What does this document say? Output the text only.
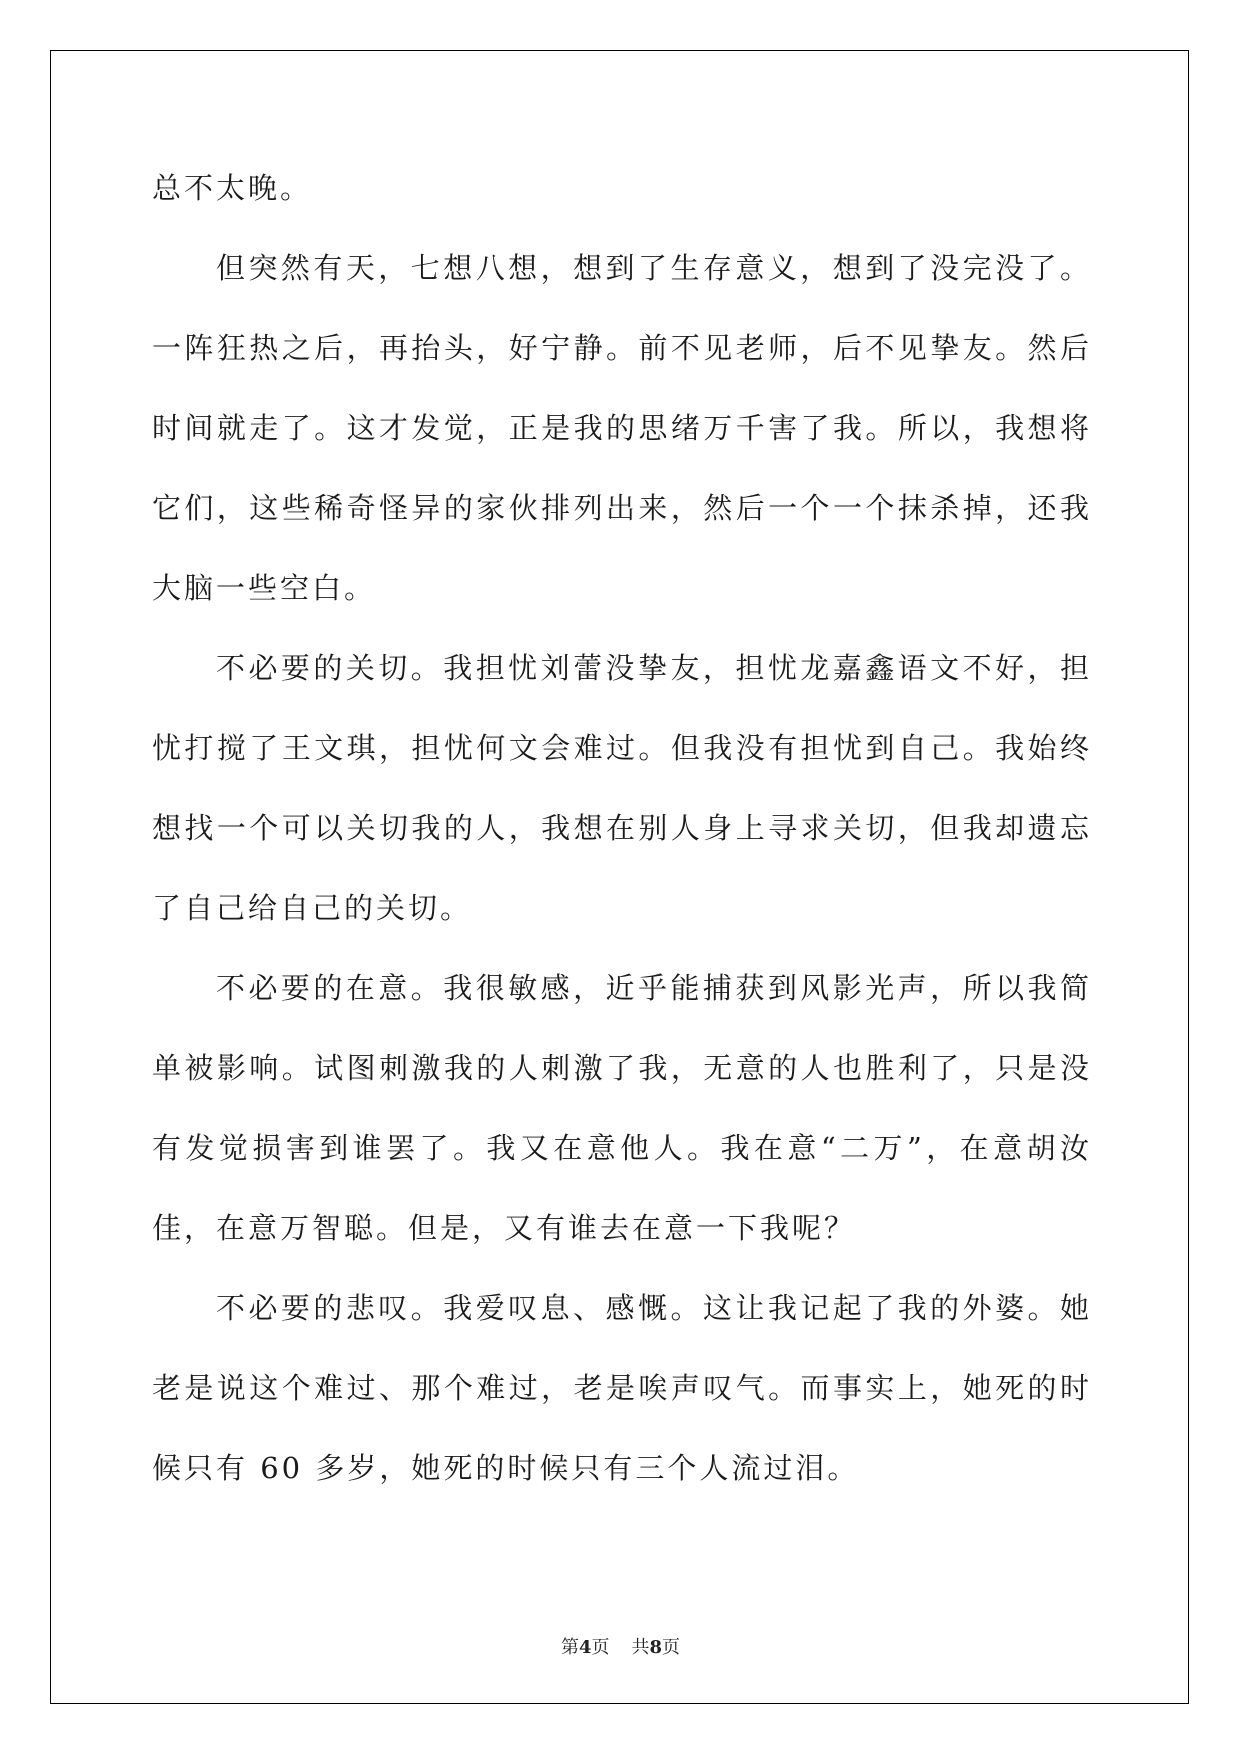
总不太晚。

但突然有天，七想八想，想到了生存意义，想到了没完没了。一阵狂热之后，再抬头，好宁静。前不见老师，后不见挚友。然后时间就走了。这才发觉，正是我的思绪万千害了我。所以，我想将它们，这些稀奇怪异的家伙排列出来，然后一个一个抹杀掉，还我大脑一些空白。

不必要的关切。我担忧刘蕾没挚友，担忧龙嘉鑫语文不好，担忧打搅了王文琪，担忧何文会难过。但我没有担忧到自己。我始终想找一个可以关切我的人，我想在别人身上寻求关切，但我却遗忘了自己给自己的关切。

不必要的在意。我很敏感，近乎能捕获到风影光声，所以我简单被影响。试图刺激我的人刺激了我，无意的人也胜利了，只是没有发觉损害到谁罢了。我又在意他人。我在意“二万”，在意胡汝佳，在意万智聪。但是，又有谁去在意一下我呢？

不必要的悲叹。我爱叹息、感慨。这让我记起了我的外婆。她老是说这个难过、那个难过，老是唉声叹气。而事实上，她死的时候只有 60 多岁，她死的时候只有三个人流过泪。

第4页 共8页
